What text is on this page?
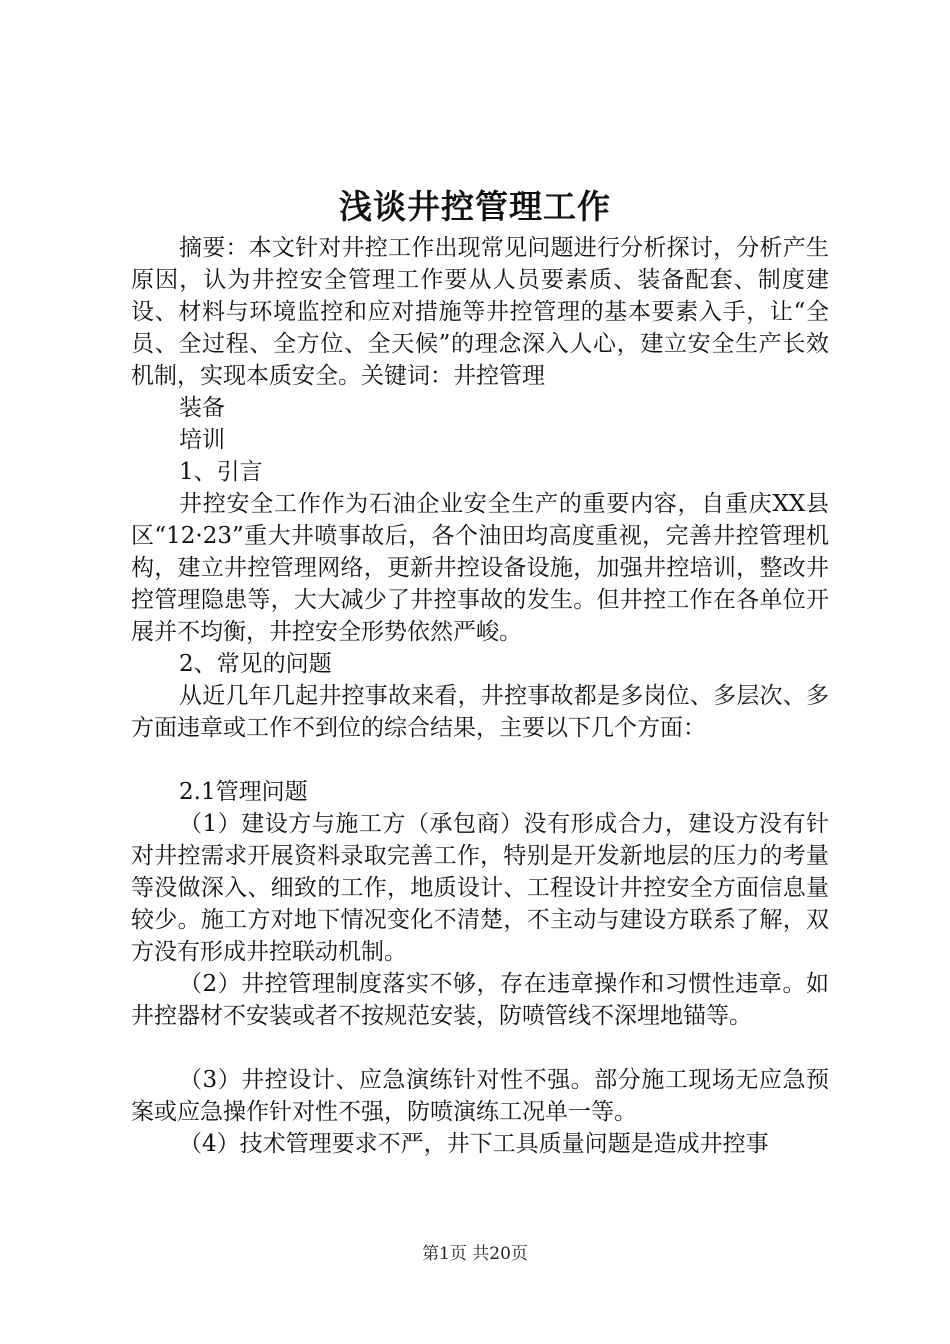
浅谈井控管理工作

摘要：本文针对井控工作出现常见问题进行分析探讨，分析产生原因，认为井控安全管理工作要从人员要素质、装备配套、制度建设、材料与环境监控和应对措施等井控管理的基本要素入手，让“全员、全过程、全方位、全天候”的理念深入人心，建立安全生产长效机制，实现本质安全。关键词：井控管理

装备

培训

1、引言

井控安全工作作为石油企业安全生产的重要内容，自重庆XX县区“12·23”重大井喷事故后，各个油田均高度重视，完善井控管理机构，建立井控管理网络，更新井控设备设施，加强井控培训，整改井控管理隐患等，大大减少了井控事故的发生。但井控工作在各单位开展并不均衡，井控安全形势依然严峻。

2、常见的问题

从近几年几起井控事故来看，井控事故都是多岗位、多层次、多方面违章或工作不到位的综合结果，主要以下几个方面：

2.1管理问题

（1）建设方与施工方（承包商）没有形成合力，建设方没有针对井控需求开展资料录取完善工作，特别是开发新地层的压力的考量等没做深入、细致的工作，地质设计、工程设计井控安全方面信息量较少。施工方对地下情况变化不清楚，不主动与建设方联系了解，双方没有形成井控联动机制。

（2）井控管理制度落实不够，存在违章操作和习惯性违章。如井控器材不安装或者不按规范安装，防喷管线不深埋地锚等。

（3）井控设计、应急演练针对性不强。部分施工现场无应急预案或应急操作针对性不强，防喷演练工况单一等。

（4）技术管理要求不严，井下工具质量问题是造成井控事

第1页 共20页
